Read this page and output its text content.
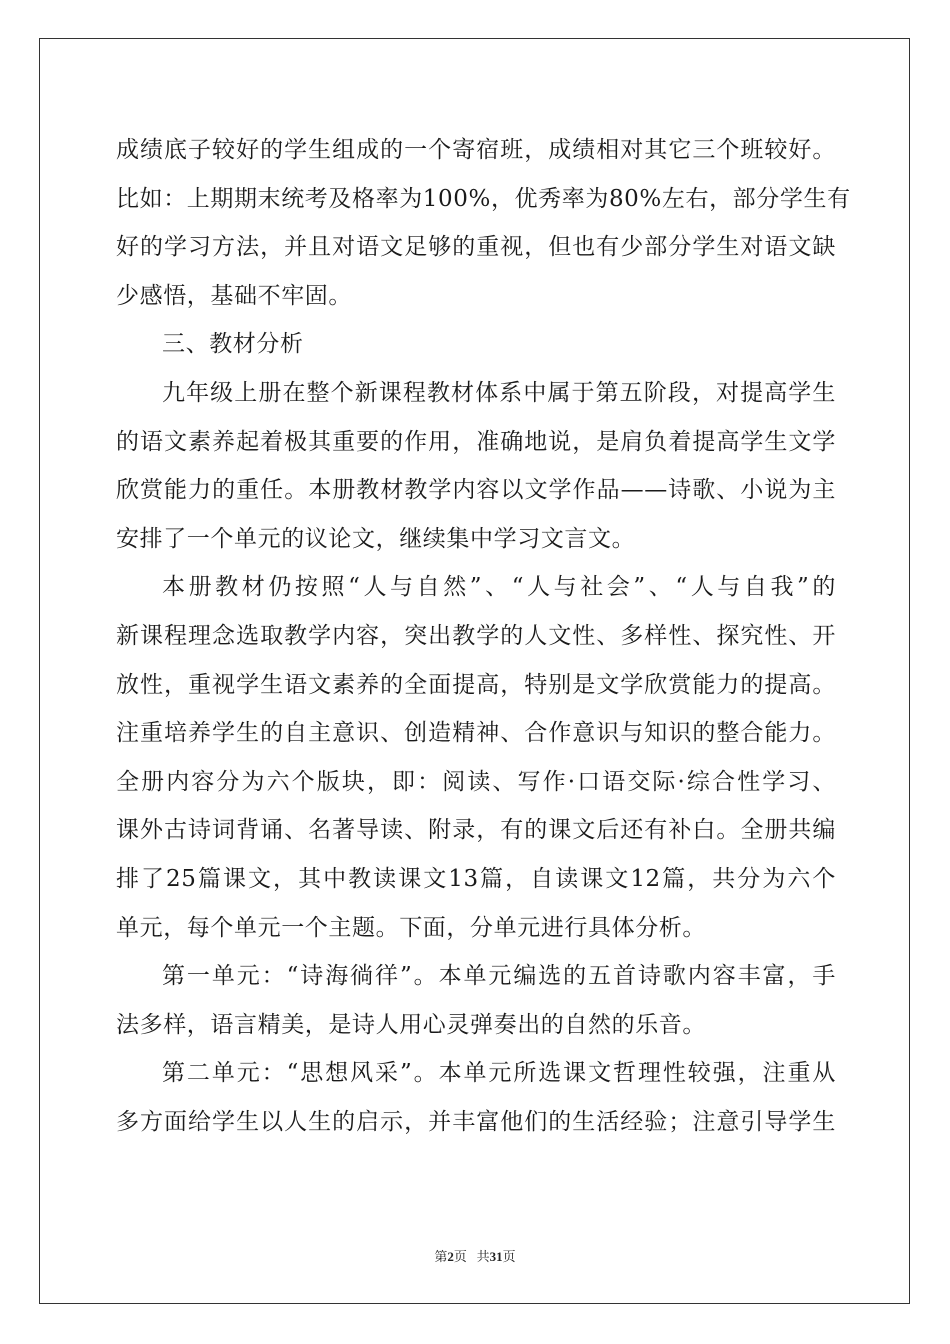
成绩底子较好的学生组成的一个寄宿班，成绩相对其它三个班较好。
比如：上期期末统考及格率为100%，优秀率为80%左右，部分学生有
好的学习方法，并且对语文足够的重视，但也有少部分学生对语文缺
少感悟，基础不牢固。
三、教材分析
九年级上册在整个新课程教材体系中属于第五阶段，对提高学生
的语文素养起着极其重要的作用，准确地说，是肩负着提高学生文学
欣赏能力的重任。本册教材教学内容以文学作品——诗歌、小说为主
安排了一个单元的议论文，继续集中学习文言文。
本册教材仍按照“人与自然”、“人与社会”、“人与自我”的
新课程理念选取教学内容，突出教学的人文性、多样性、探究性、开
放性，重视学生语文素养的全面提高，特别是文学欣赏能力的提高。
注重培养学生的自主意识、创造精神、合作意识与知识的整合能力。
全册内容分为六个版块，即：阅读、写作·口语交际·综合性学习、
课外古诗词背诵、名著导读、附录，有的课文后还有补白。全册共编
排了25篇课文，其中教读课文13篇，自读课文12篇，共分为六个
单元，每个单元一个主题。下面，分单元进行具体分析。
第一单元：“诗海徜徉”。本单元编选的五首诗歌内容丰富，手
法多样，语言精美，是诗人用心灵弹奏出的自然的乐音。
第二单元：“思想风采”。本单元所选课文哲理性较强，注重从
多方面给学生以人生的启示，并丰富他们的生活经验；注意引导学生
第2页 共31页
